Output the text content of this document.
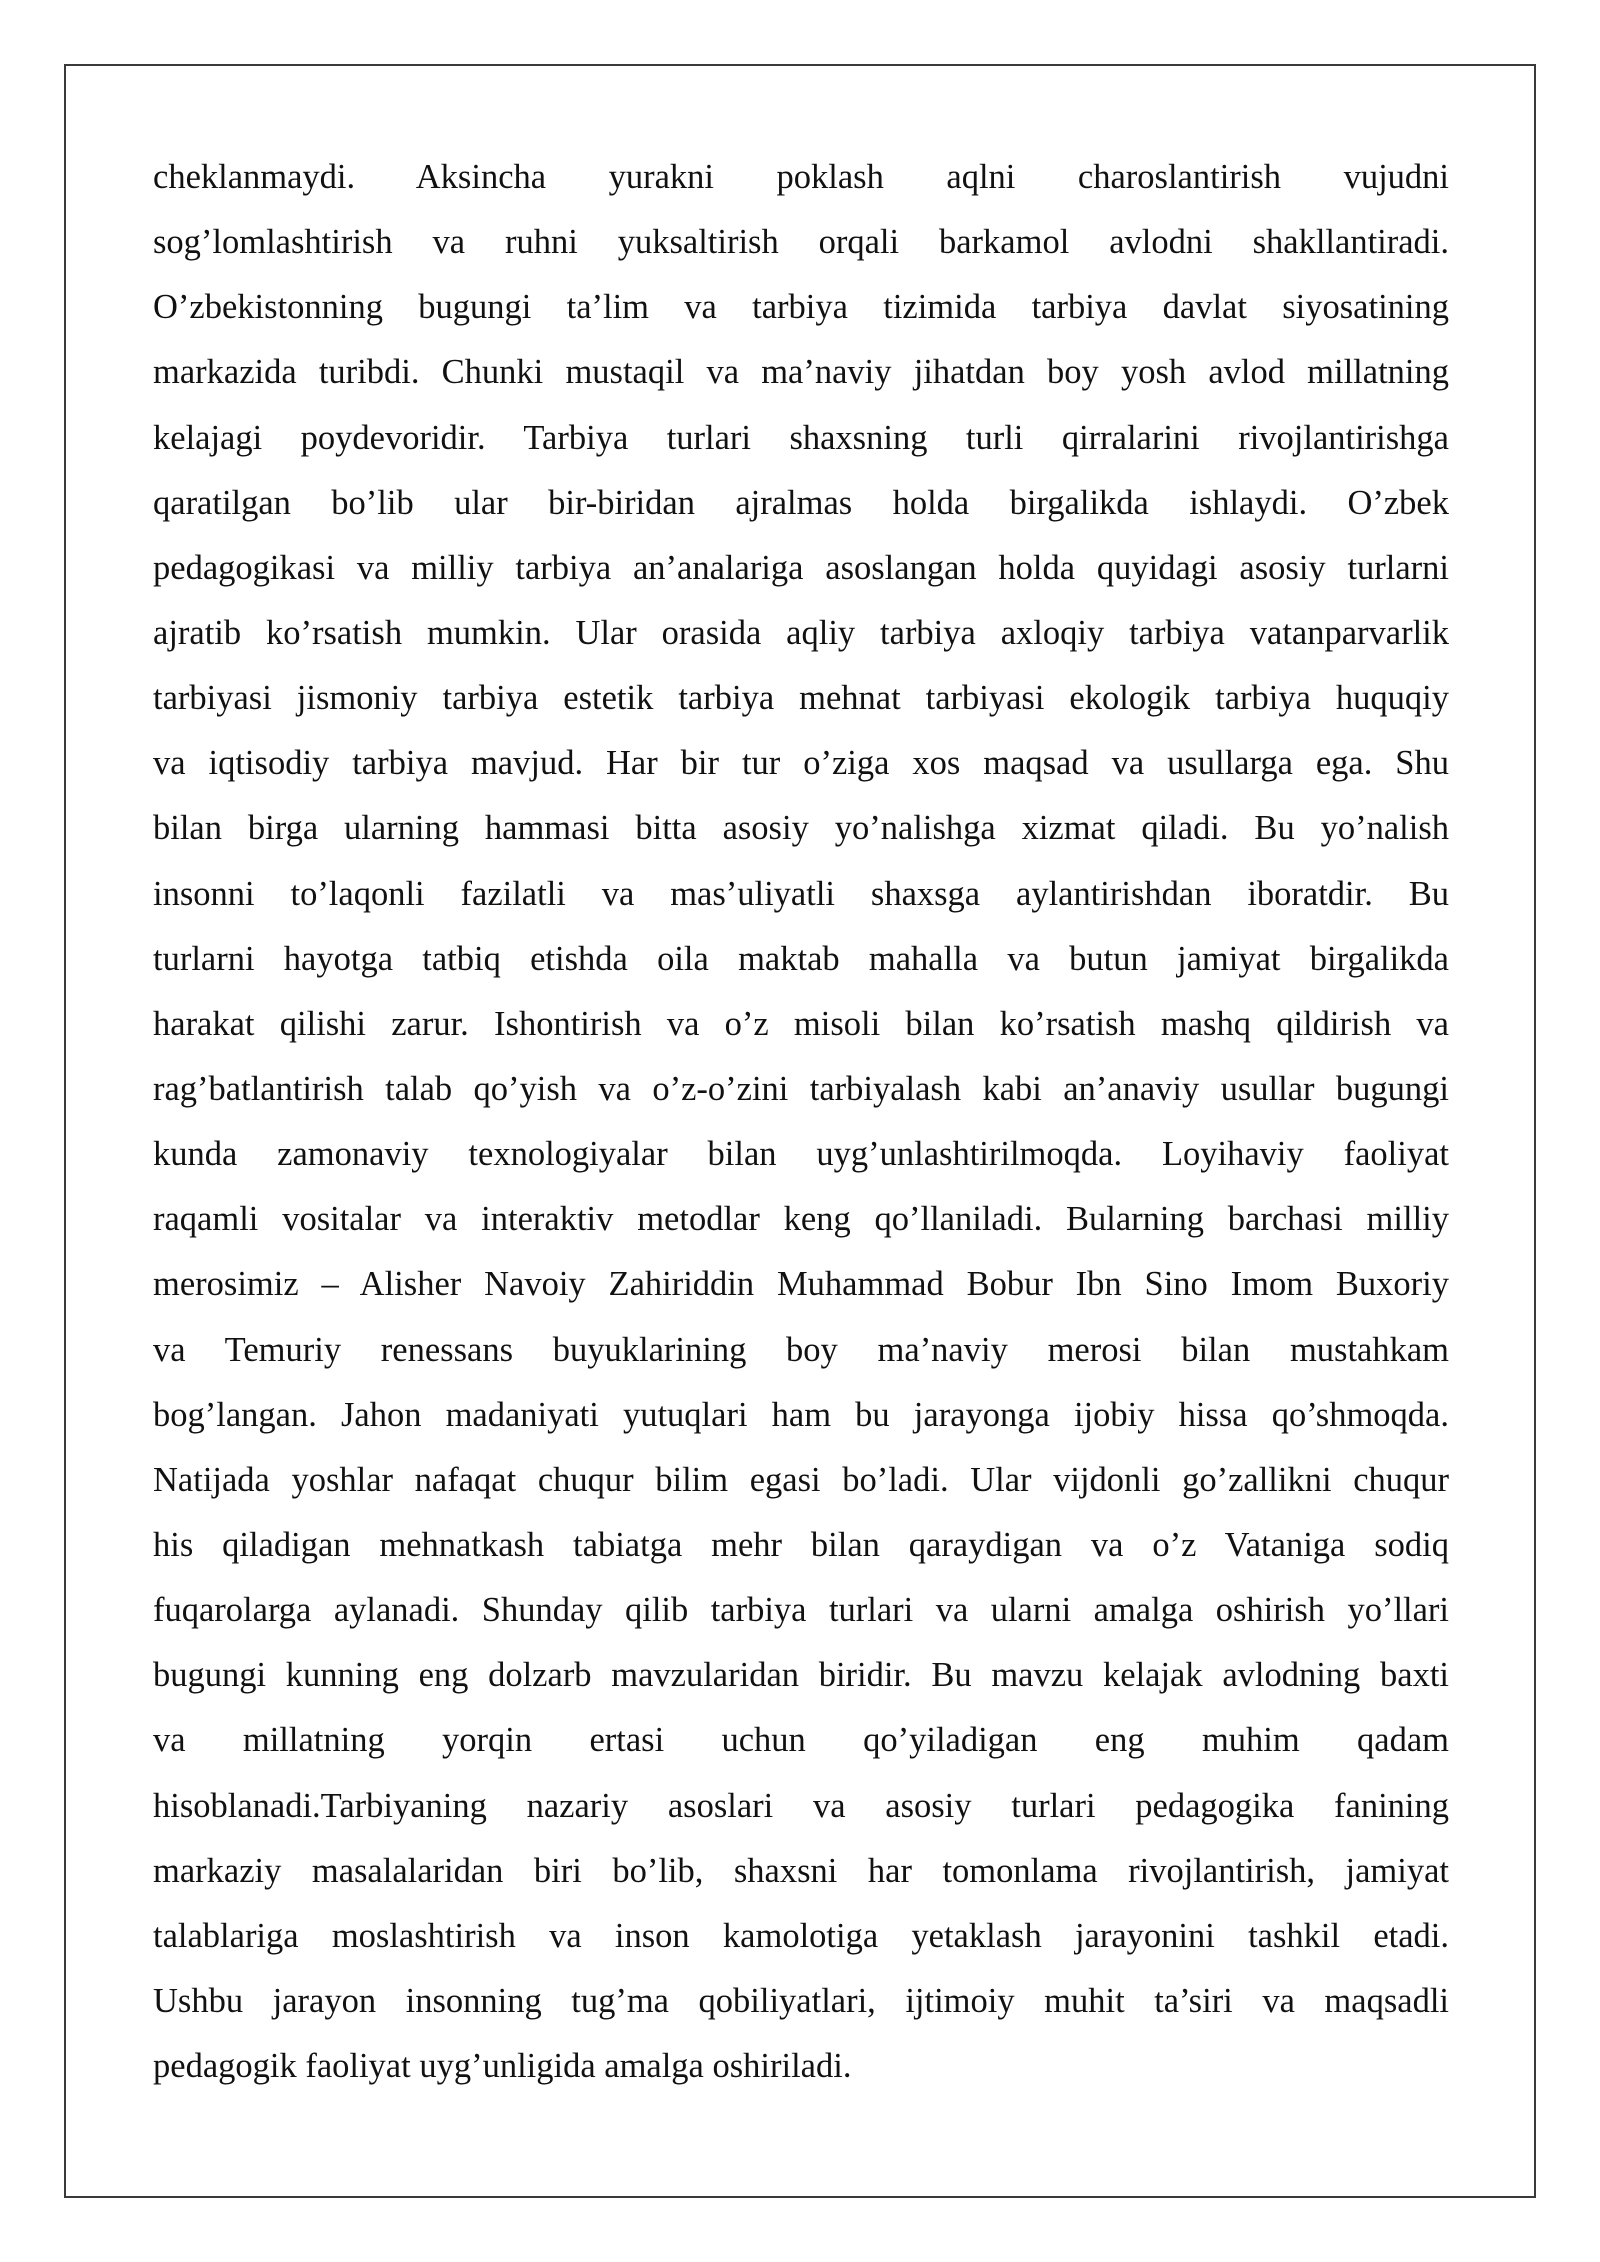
cheklanmaydi. Aksincha yurakni poklash aqlni charoslantirish vujudni
sog’lomlashtirish va ruhni yuksaltirish orqali barkamol avlodni shakllantiradi.
O’zbekistonning bugungi ta’lim va tarbiya tizimida tarbiya davlat siyosatining
markazida turibdi. Chunki mustaqil va ma’naviy jihatdan boy yosh avlod millatning
kelajagi poydevoridir. Tarbiya turlari shaxsning turli qirralarini rivojlantirishga
qaratilgan bo’lib ular bir-biridan ajralmas holda birgalikda ishlaydi. O’zbek
pedagogikasi va milliy tarbiya an’analariga asoslangan holda quyidagi asosiy turlarni
ajratib ko’rsatish mumkin. Ular orasida aqliy tarbiya axloqiy tarbiya vatanparvarlik
tarbiyasi jismoniy tarbiya estetik tarbiya mehnat tarbiyasi ekologik tarbiya huquqiy
va iqtisodiy tarbiya mavjud. Har bir tur o’ziga xos maqsad va usullarga ega. Shu
bilan birga ularning hammasi bitta asosiy yo’nalishga xizmat qiladi. Bu yo’nalish
insonni to’laqonli fazilatli va mas’uliyatli shaxsga aylantirishdan iboratdir. Bu
turlarni hayotga tatbiq etishda oila maktab mahalla va butun jamiyat birgalikda
harakat qilishi zarur. Ishontirish va o’z misoli bilan ko’rsatish mashq qildirish va
rag’batlantirish talab qo’yish va o’z-o’zini tarbiyalash kabi an’anaviy usullar bugungi
kunda zamonaviy texnologiyalar bilan uyg’unlashtirilmoqda. Loyihaviy faoliyat
raqamli vositalar va interaktiv metodlar keng qo’llaniladi. Bularning barchasi milliy
merosimiz – Alisher Navoiy Zahiriddin Muhammad Bobur Ibn Sino Imom Buxoriy
va Temuriy renessans buyuklarining boy ma’naviy merosi bilan mustahkam
bog’langan. Jahon madaniyati yutuqlari ham bu jarayonga ijobiy hissa qo’shmoqda.
Natijada yoshlar nafaqat chuqur bilim egasi bo’ladi. Ular vijdonli go’zallikni chuqur
his qiladigan mehnatkash tabiatga mehr bilan qaraydigan va o’z Vataniga sodiq
fuqarolarga aylanadi. Shunday qilib tarbiya turlari va ularni amalga oshirish yo’llari
bugungi kunning eng dolzarb mavzularidan biridir. Bu mavzu kelajak avlodning baxti
va millatning yorqin ertasi uchun qo’yiladigan eng muhim qadam
hisoblanadi.Tarbiyaning nazariy asoslari va asosiy turlari pedagogika fanining
markaziy masalalaridan biri bo’lib, shaxsni har tomonlama rivojlantirish, jamiyat
talablariga moslashtirish va inson kamolotiga yetaklash jarayonini tashkil etadi.
Ushbu jarayon insonning tug’ma qobiliyatlari, ijtimoiy muhit ta’siri va maqsadli
pedagogik faoliyat uyg’unligida amalga oshiriladi.
